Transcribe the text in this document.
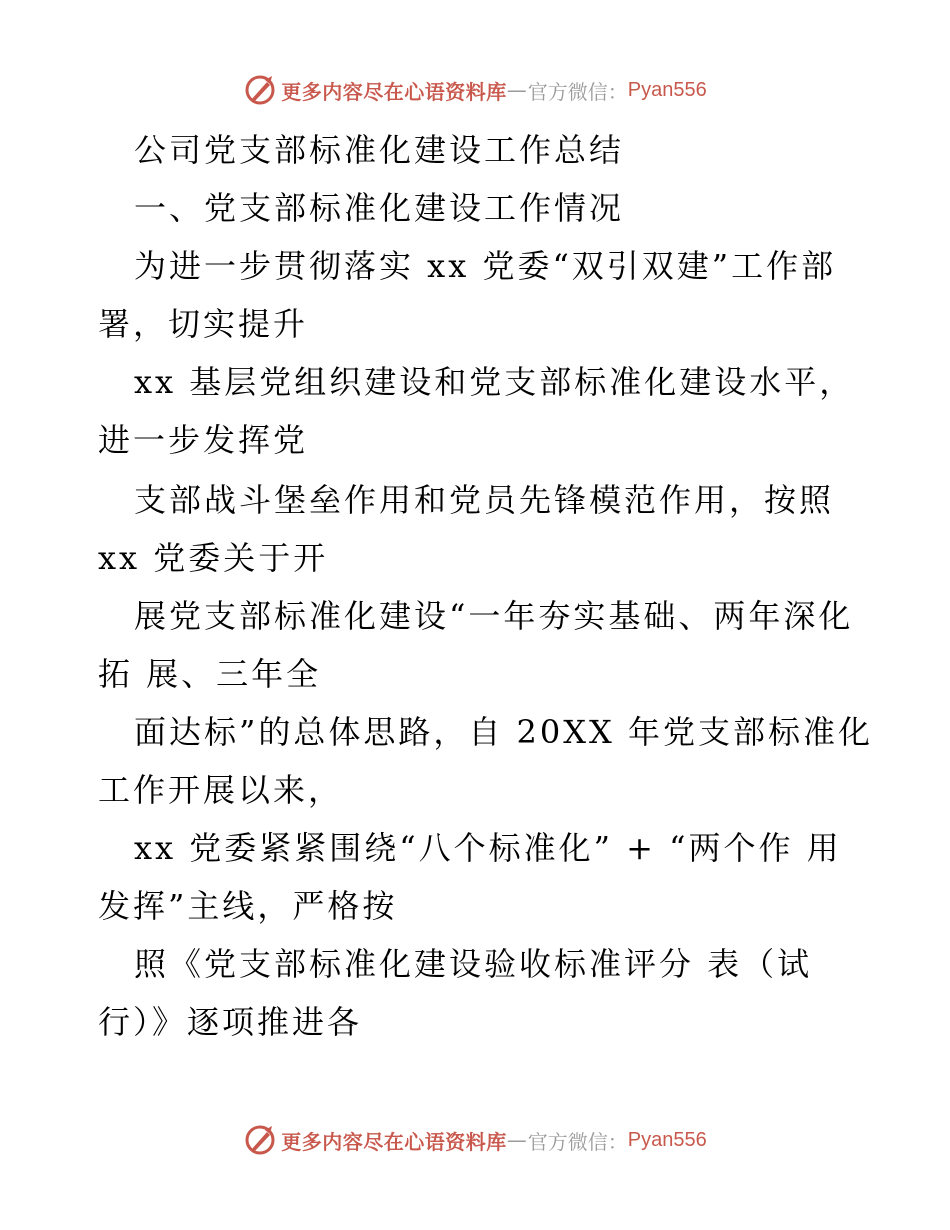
更多内容尽在心语资料库 — 官方微信： Pyan556
公司党支部标准化建设工作总结
一、党支部标准化建设工作情况
为进一步贯彻落实 xx 党委“双引双建”工作部
署，切实提升
xx 基层党组织建设和党支部标准化建设水平，
进一步发挥党
支部战斗堡垒作用和党员先锋模范作用，按照
xx 党委关于开
展党支部标准化建设“一年夯实基础、两年深化
拓 展、三年全
面达标”的总体思路，自 20XX 年党支部标准化
工作开展以来，
xx 党委紧紧围绕“八个标准化” + “两个作 用
发挥”主线，严格按
照《党支部标准化建设验收标准评分 表（试
行）》逐项推进各
更多内容尽在心语资料库 — 官方微信： Pyan556
